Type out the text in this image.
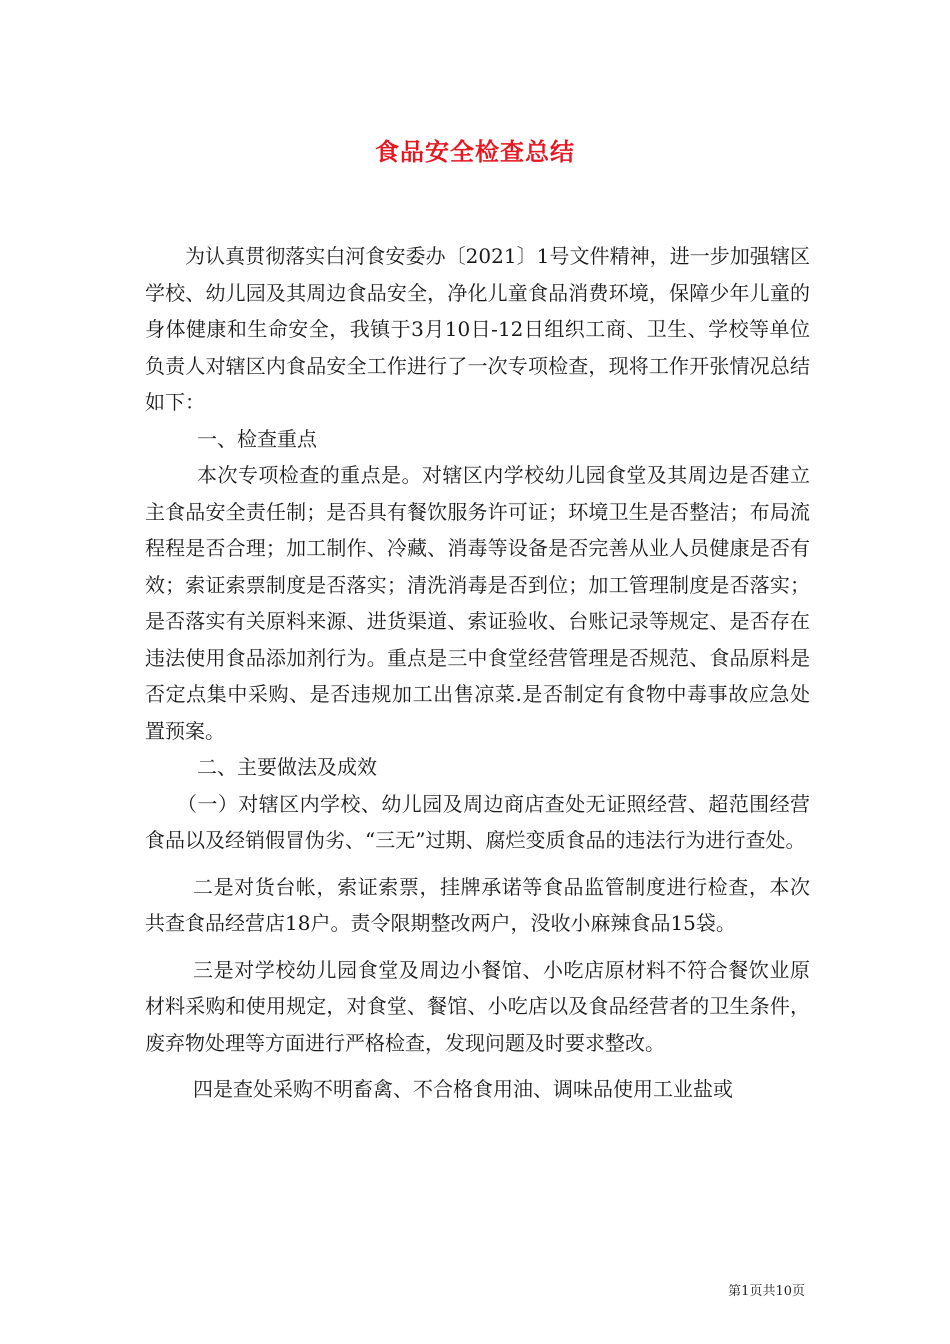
食品安全检查总结

为认真贯彻落实白河食安委办〔2021〕1号文件精神，进一步加强辖区学校、幼儿园及其周边食品安全，净化儿童食品消费环境，保障少年儿童的身体健康和生命安全，我镇于3月10日-12日组织工商、卫生、学校等单位负责人对辖区内食品安全工作进行了一次专项检查，现将工作开张情况总结如下：

一、检查重点

本次专项检查的重点是。对辖区内学校幼儿园食堂及其周边是否建立主食品安全责任制；是否具有餐饮服务许可证；环境卫生是否整洁；布局流程程是否合理；加工制作、冷藏、消毒等设备是否完善从业人员健康是否有效；索证索票制度是否落实；清洗消毒是否到位；加工管理制度是否落实；是否落实有关原料来源、进货渠道、索证验收、台账记录等规定、是否存在违法使用食品添加剂行为。重点是三中食堂经营管理是否规范、食品原料是否定点集中采购、是否违规加工出售凉菜.是否制定有食物中毒事故应急处置预案。

二、主要做法及成效

（一）对辖区内学校、幼儿园及周边商店查处无证照经营、超范围经营食品以及经销假冒伪劣、“三无”过期、腐烂变质食品的违法行为进行查处。

二是对货台帐，索证索票，挂牌承诺等食品监管制度进行检查，本次共查食品经营店18户。责令限期整改两户，没收小麻辣食品15袋。

三是对学校幼儿园食堂及周边小餐馆、小吃店原材料不符合餐饮业原材料采购和使用规定，对食堂、餐馆、小吃店以及食品经营者的卫生条件，废弃物处理等方面进行严格检查，发现问题及时要求整改。

四是查处采购不明畜禽、不合格食用油、调味品使用工业盐或

第1页共10页
